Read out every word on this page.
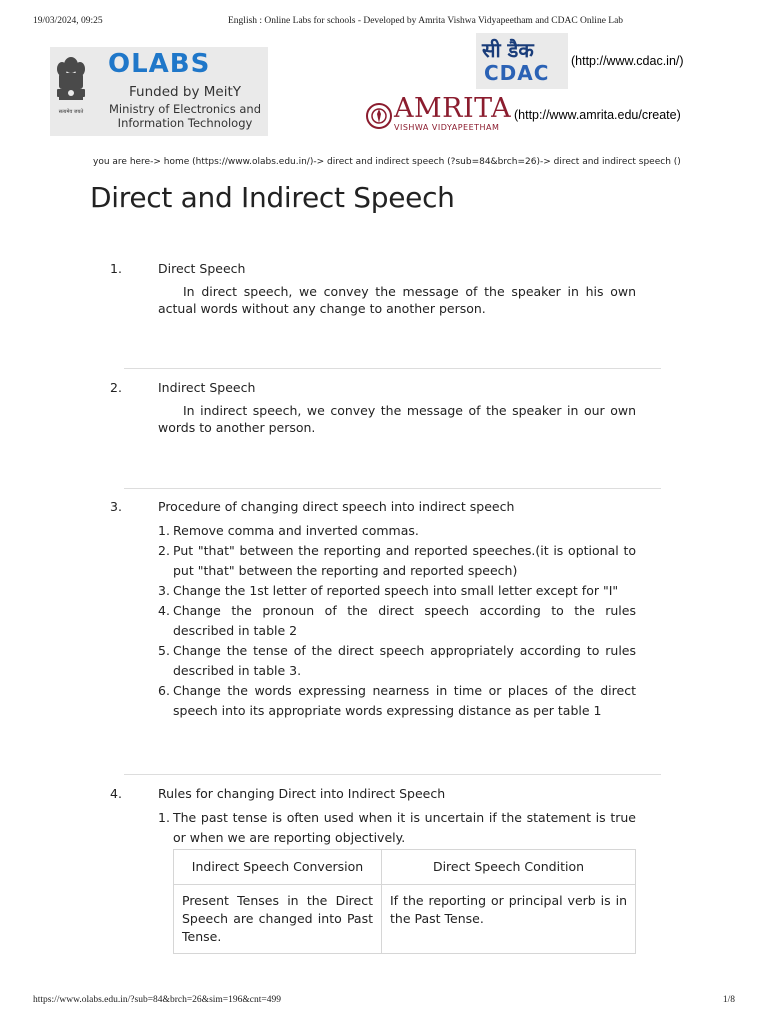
19/03/2024, 09:25	English : Online Labs for schools - Developed by Amrita Vishwa Vidyapeetham and CDAC Online Lab
सत्यमेव जयते
OLABS
Funded by MeitY
Ministry of Electronics and
Information Technology
सी डैक
CDAC (http://www.cdac.in/)
AMRITA
VISHWA VIDYAPEETHAM
(http://www.amrita.edu/create)
you are here-> home (https://www.olabs.edu.in/)-> direct and indirect speech (?sub=84&brch=26)-> direct and indirect speech ()
Direct and Indirect Speech
1.	Direct Speech
In direct speech, we convey the message of the speaker in his own actual words without any change to another person.
2.	Indirect Speech
In indirect speech, we convey the message of the speaker in our own words to another person.
3.	Procedure of changing direct speech into indirect speech
1. Remove comma and inverted commas.
2. Put "that" between the reporting and reported speeches.(it is optional to put "that" between the reporting and reported speech)
3. Change the 1st letter of reported speech into small letter except for "I"
4. Change the pronoun of the direct speech according to the rules described in table 2
5. Change the tense of the direct speech appropriately according to rules described in table 3.
6. Change the words expressing nearness in time or places of the direct speech into its appropriate words expressing distance as per table 1
4.	Rules for changing Direct into Indirect Speech
1. The past tense is often used when it is uncertain if the statement is true or when we are reporting objectively.
Indirect Speech Conversion	Direct Speech Condition
Present Tenses in the Direct Speech are changed into Past Tense.	If the reporting or principal verb is in the Past Tense.
https://www.olabs.edu.in/?sub=84&brch=26&sim=196&cnt=499	1/8
